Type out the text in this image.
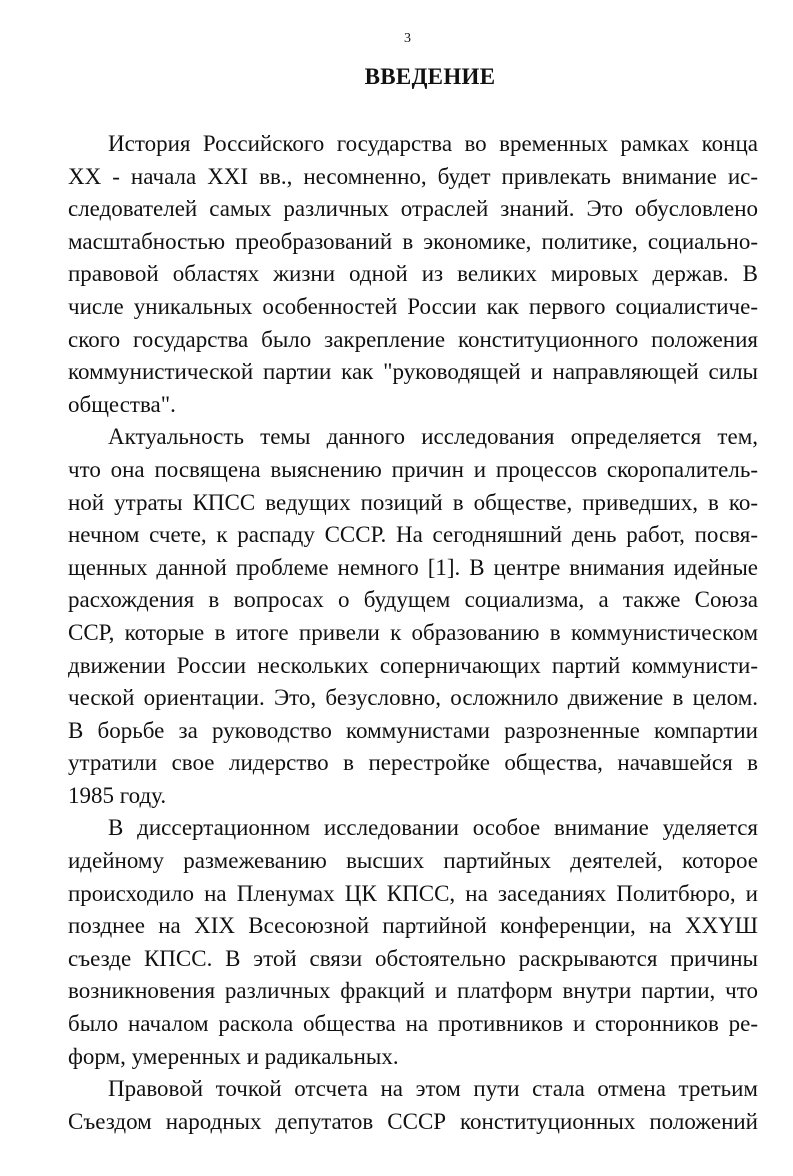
3
ВВЕДЕНИЕ
История Российского государства во временных рамках конца
XX - начала XXI вв., несомненно, будет привлекать внимание ис-
следователей самых различных отраслей знаний. Это обусловлено
масштабностью преобразований в экономике, политике, социально-
правовой областях жизни одной из великих мировых держав. В
числе уникальных особенностей России как первого социалистиче-
ского государства было закрепление конституционного положения
коммунистической партии как "руководящей и направляющей силы
общества".
Актуальность темы данного исследования определяется тем,
что она посвящена выяснению причин и процессов скоропалитель-
ной утраты КПСС ведущих позиций в обществе, приведших, в ко-
нечном счете, к распаду СССР. На сегодняшний день работ, посвя-
щенных данной проблеме немного [1]. В центре внимания идейные
расхождения в вопросах о будущем социализма, а также Союза
ССР, которые в итоге привели к образованию в коммунистическом
движении России нескольких соперничающих партий коммунисти-
ческой ориентации. Это, безусловно, осложнило движение в целом.
В борьбе за руководство коммунистами разрозненные компартии
утратили свое лидерство в перестройке общества, начавшейся в
1985 году.
В диссертационном исследовании особое внимание уделяется
идейному размежеванию высших партийных деятелей, которое
происходило на Пленумах ЦК КПСС, на заседаниях Политбюро, и
позднее на XIX Всесоюзной партийной конференции, на XXYШ
съезде КПСС. В этой связи обстоятельно раскрываются причины
возникновения различных фракций и платформ внутри партии, что
было началом раскола общества на противников и сторонников ре-
форм, умеренных и радикальных.
Правовой точкой отсчета на этом пути стала отмена третьим
Съездом народных депутатов СССР конституционных положений
